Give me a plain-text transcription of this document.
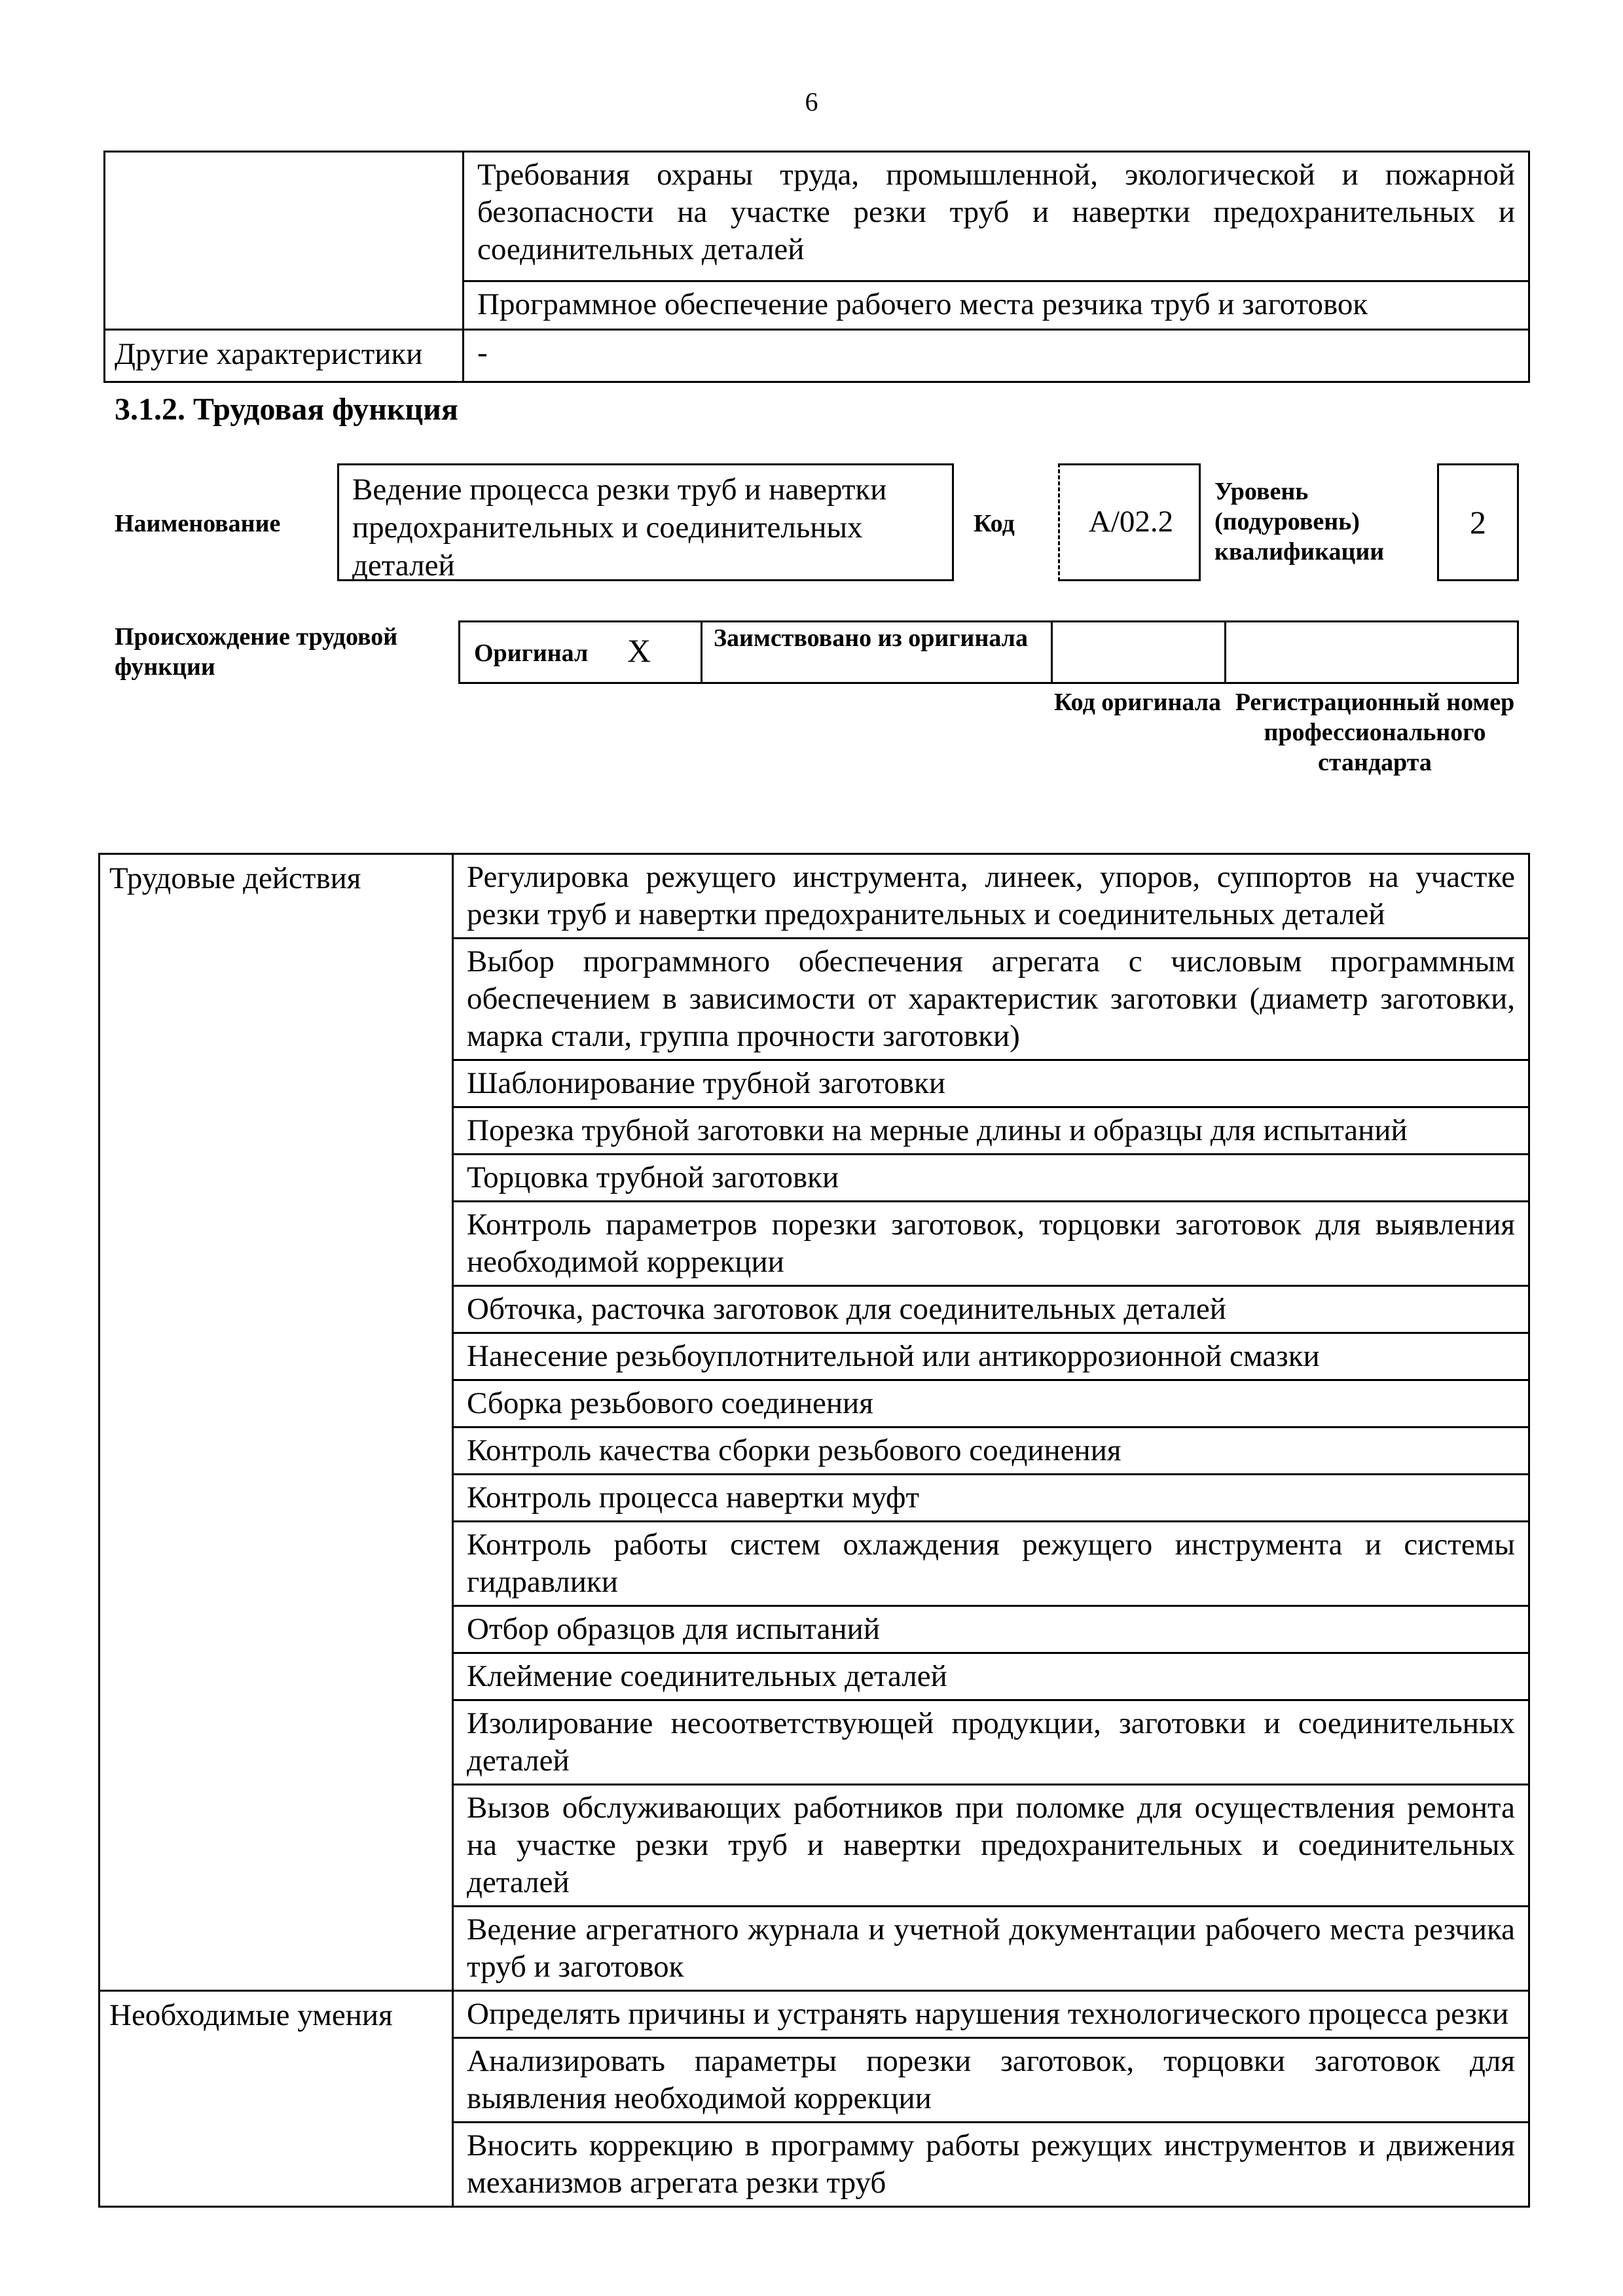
6
	Требования охраны труда, промышленной, экологической и пожарной безопасности на участке резки труб и навертки предохранительных и соединительных деталей
	Программное обеспечение рабочего места резчика труб и заготовок
Другие характеристики	-
3.1.2. Трудовая функция
Наименование
Ведение процесса резки труб и навертки предохранительных и соединительных деталей
Код	A/02.2
Уровень (подуровень) квалификации
2
Происхождение трудовой функции	Оригинал X	Заимствовано из оригинала
Код оригинала Регистрационный номер профессионального стандарта
Трудовые действия	Регулировка режущего инструмента, линеек, упоров, суппортов на участке резки труб и навертки предохранительных и соединительных деталей
	Выбор программного обеспечения агрегата с числовым программным обеспечением в зависимости от характеристик заготовки (диаметр заготовки, марка стали, группа прочности заготовки)
	Шаблонирование трубной заготовки
	Порезка трубной заготовки на мерные длины и образцы для испытаний
	Торцовка трубной заготовки
	Контроль параметров порезки заготовок, торцовки заготовок для выявления необходимой коррекции
	Обточка, расточка заготовок для соединительных деталей
	Нанесение резьбоуплотнительной или антикоррозионной смазки
	Сборка резьбового соединения
	Контроль качества сборки резьбового соединения
	Контроль процесса навертки муфт
	Контроль работы систем охлаждения режущего инструмента и системы гидравлики
	Отбор образцов для испытаний
	Клеймение соединительных деталей
	Изолирование несоответствующей продукции, заготовки и соединительных деталей
	Вызов обслуживающих работников при поломке для осуществления ремонта на участке резки труб и навертки предохранительных и соединительных деталей
	Ведение агрегатного журнала и учетной документации рабочего места резчика труб и заготовок
Необходимые умения	Определять причины и устранять нарушения технологического процесса резки
	Анализировать параметры порезки заготовок, торцовки заготовок для выявления необходимой коррекции
	Вносить коррекцию в программу работы режущих инструментов и движения механизмов агрегата резки труб
